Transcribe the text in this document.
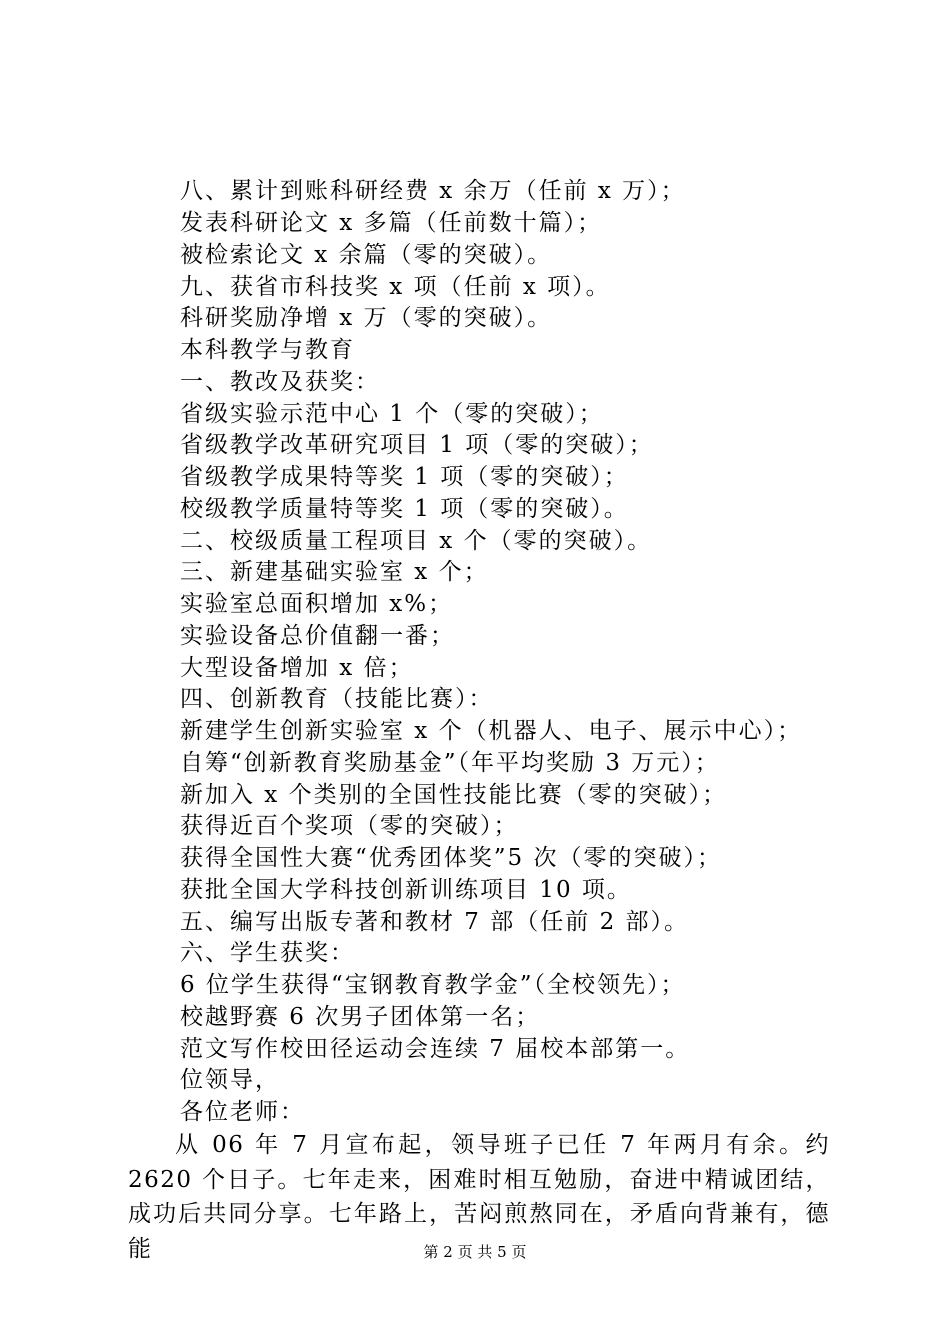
八、累计到账科研经费 x 余万（任前 x 万）；
发表科研论文 x 多篇（任前数十篇）；
被检索论文 x 余篇（零的突破）。
九、获省市科技奖 x 项（任前 x 项）。
科研奖励净增 x 万（零的突破）。
本科教学与教育
一、教改及获奖：
省级实验示范中心 1 个（零的突破）；
省级教学改革研究项目 1 项（零的突破）；
省级教学成果特等奖 1 项（零的突破）；
校级教学质量特等奖 1 项（零的突破）。
二、校级质量工程项目 x 个（零的突破）。
三、新建基础实验室 x 个；
实验室总面积增加 x%；
实验设备总价值翻一番；
大型设备增加 x 倍；
四、创新教育（技能比赛）：
新建学生创新实验室 x 个（机器人、电子、展示中心）；
自筹“创新教育奖励基金”（年平均奖励 3 万元）；
新加入 x 个类别的全国性技能比赛（零的突破）；
获得近百个奖项（零的突破）；
获得全国性大赛“优秀团体奖”5 次（零的突破）；
获批全国大学科技创新训练项目 10 项。
五、编写出版专著和教材 7 部（任前 2 部）。
六、学生获奖：
6 位学生获得“宝钢教育教学金”（全校领先）；
校越野赛 6 次男子团体第一名；
范文写作校田径运动会连续 7 届校本部第一。
位领导，
各位老师：
从 06 年 7 月宣布起，领导班子已任 7 年两月有余。约 2620 个日子。七年走来，困难时相互勉励，奋进中精诚团结，成功后共同分享。七年路上，苦闷煎熬同在，矛盾向背兼有，德能	第 2 页 共 5 页
